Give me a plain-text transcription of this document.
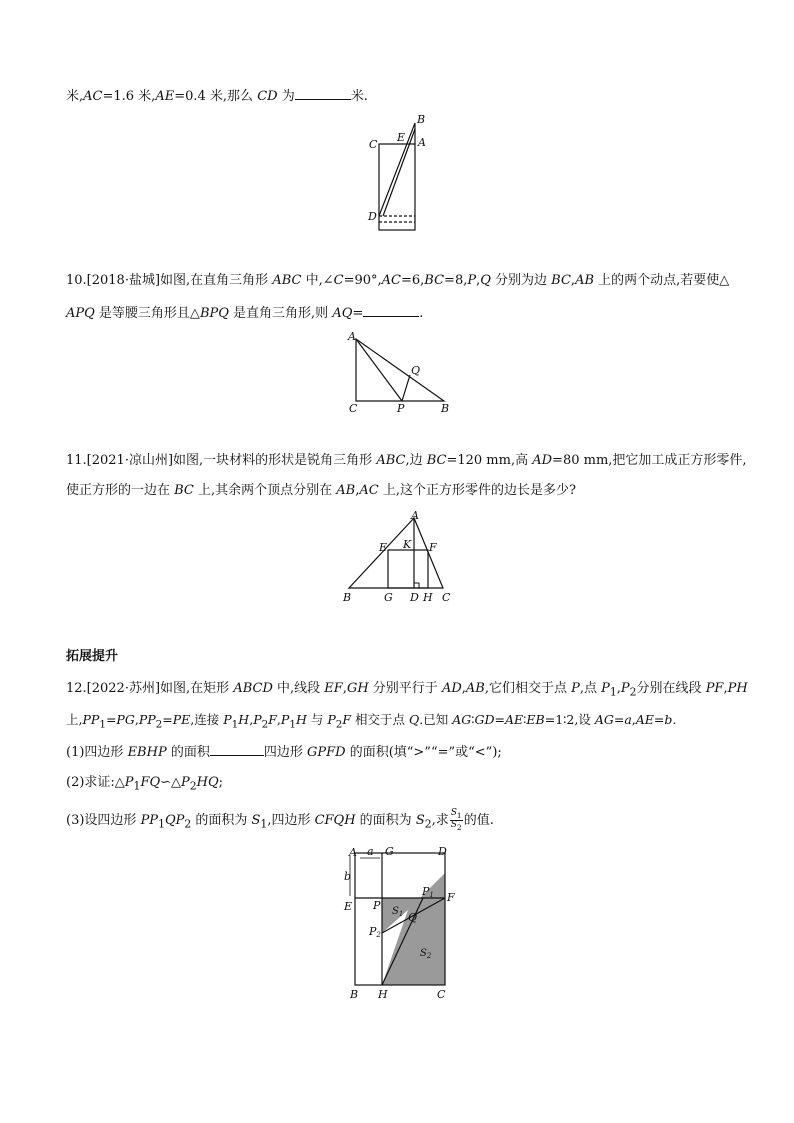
米,AC=1.6 米,AE=0.4 米,那么 CD 为	米.
B
E
C	A
D
10.[2018·盐城]如图,在直角三角形 ABC 中,∠C=90°,AC=6,BC=8,P,Q 分别为边 BC,AB 上的两个动点,若要使△
APQ 是等腰三角形且△BPQ 是直角三角形,则 AQ=	.
A
Q
C	P	B
11.[2021·凉山州]如图,一块材料的形状是锐角三角形 ABC,边 BC=120 mm,高 AD=80 mm,把它加工成正方形零件,
使正方形的一边在 BC 上,其余两个顶点分别在 AB,AC 上,这个正方形零件的边长是多少?
A
E K F
B	G D H C
拓展提升
12.[2022·苏州]如图,在矩形 ABCD 中,线段 EF,GH 分别平行于 AD,AB,它们相交于点 P,点 $P_1,P_2$分别在线段 PF,PH
上$,PP_1=PG,PP_2=PE$,连接 $P_1H,P_2F,P_1H$ 与 $P_2F$ 相交于点 Q.已知 AG∶GD=AE∶EB=1∶2,设 AG=a,AE=b.
(1)四边形 EBHP 的面积	四边形 GPFD 的面积(填“>”“=”或“<”);
(2)求证$:\triangle P_1FQ∽\triangle P_2HQ$;
(3)设四边形 $PP_1QP_2$ 的面积为 $S_1$,四边形 CFQH 的面积为 $S_2$,求 $\frac{S_1}{S_2}$ 的值.
A a G	D
b
E P
P1 F
$S_1$ Q
P2
$S_2$
B H	C
